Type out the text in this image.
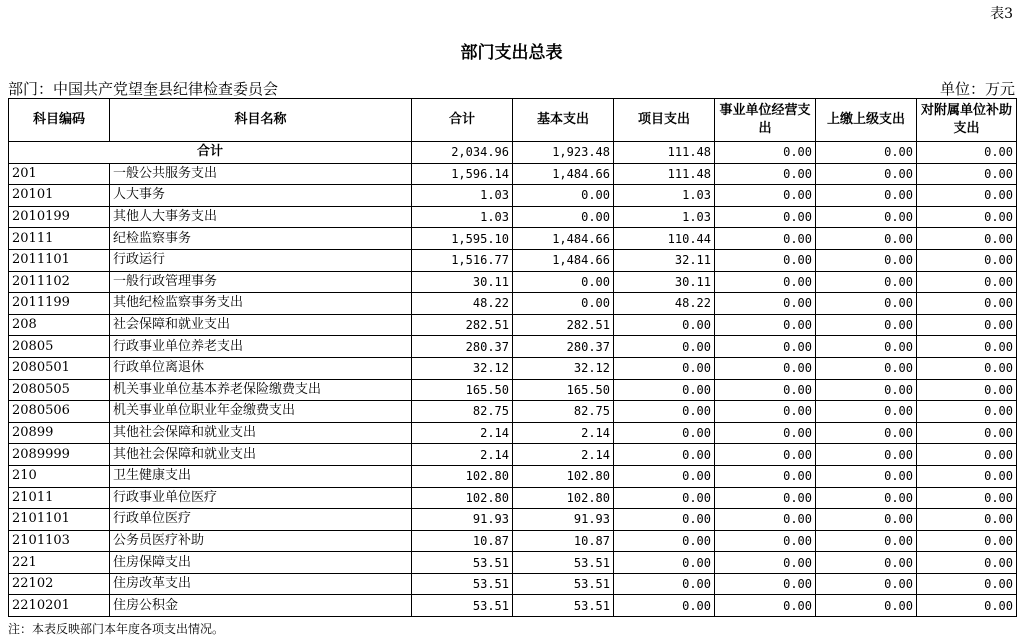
表3
部门支出总表
部门：中国共产党望奎县纪律检查委员会	单位：万元
科目编码	科目名称	合计	基本支出	项目支出	事业单位经营支出	上缴上级支出	对附属单位补助支出
合计		2,034.96	1,923.48	111.48	0.00	0.00	0.00
201	一般公共服务支出	1,596.14	1,484.66	111.48	0.00	0.00	0.00
20101	人大事务	1.03	0.00	1.03	0.00	0.00	0.00
2010199	其他人大事务支出	1.03	0.00	1.03	0.00	0.00	0.00
20111	纪检监察事务	1,595.10	1,484.66	110.44	0.00	0.00	0.00
2011101	行政运行	1,516.77	1,484.66	32.11	0.00	0.00	0.00
2011102	一般行政管理事务	30.11	0.00	30.11	0.00	0.00	0.00
2011199	其他纪检监察事务支出	48.22	0.00	48.22	0.00	0.00	0.00
208	社会保障和就业支出	282.51	282.51	0.00	0.00	0.00	0.00
20805	行政事业单位养老支出	280.37	280.37	0.00	0.00	0.00	0.00
2080501	行政单位离退休	32.12	32.12	0.00	0.00	0.00	0.00
2080505	机关事业单位基本养老保险缴费支出	165.50	165.50	0.00	0.00	0.00	0.00
2080506	机关事业单位职业年金缴费支出	82.75	82.75	0.00	0.00	0.00	0.00
20899	其他社会保障和就业支出	2.14	2.14	0.00	0.00	0.00	0.00
2089999	其他社会保障和就业支出	2.14	2.14	0.00	0.00	0.00	0.00
210	卫生健康支出	102.80	102.80	0.00	0.00	0.00	0.00
21011	行政事业单位医疗	102.80	102.80	0.00	0.00	0.00	0.00
2101101	行政单位医疗	91.93	91.93	0.00	0.00	0.00	0.00
2101103	公务员医疗补助	10.87	10.87	0.00	0.00	0.00	0.00
221	住房保障支出	53.51	53.51	0.00	0.00	0.00	0.00
22102	住房改革支出	53.51	53.51	0.00	0.00	0.00	0.00
2210201	住房公积金	53.51	53.51	0.00	0.00	0.00	0.00
注：本表反映部门本年度各项支出情况。
